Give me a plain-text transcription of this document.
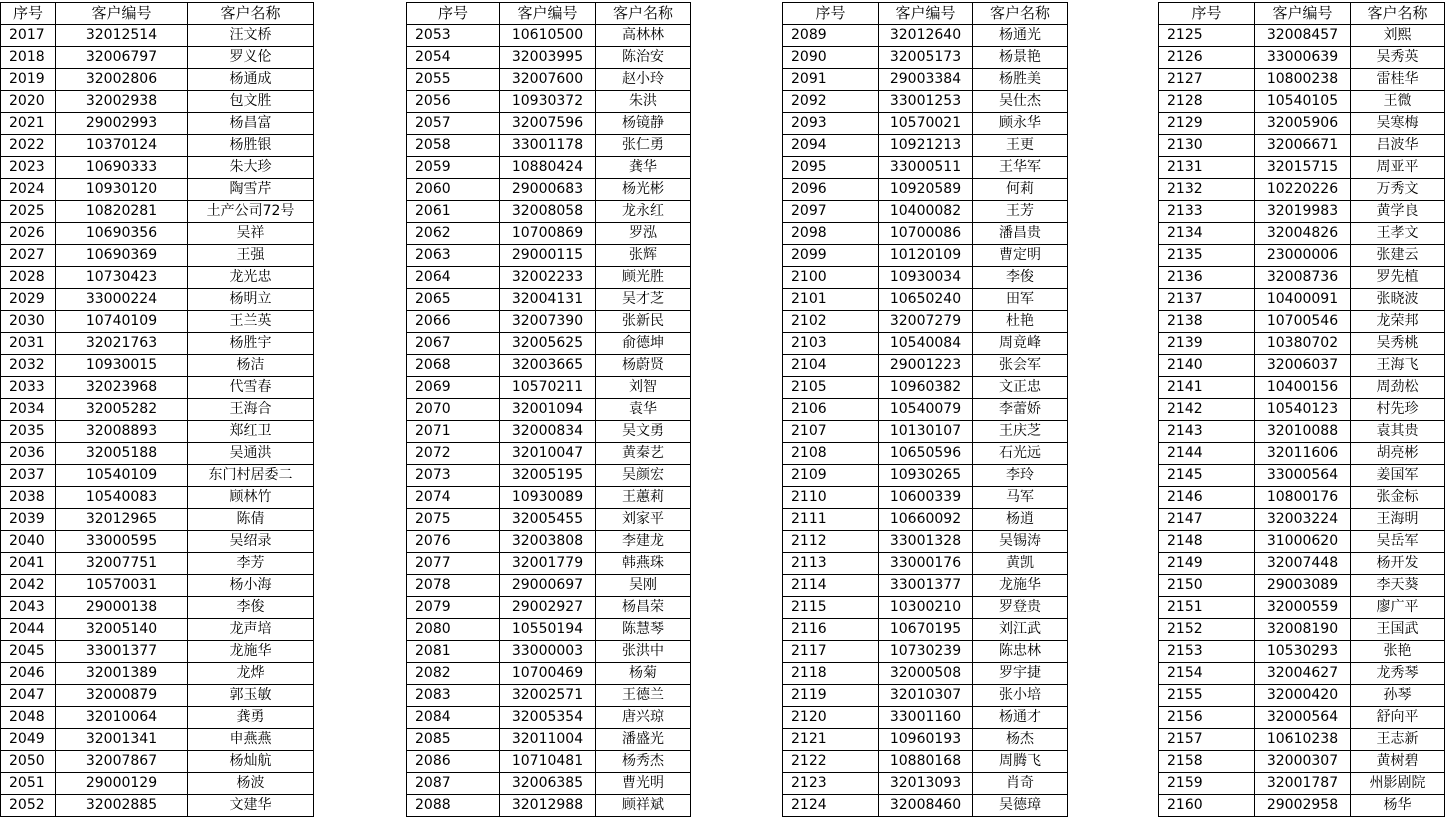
序号	客户编号	客户名称
2017	32012514	汪文桥
2018	32006797	罗义伦
2019	32002806	杨通成
2020	32002938	包文胜
2021	29002993	杨昌富
2022	10370124	杨胜银
2023	10690333	朱大珍
2024	10930120	陶雪芹
2025	10820281	土产公司72号
2026	10690356	吴祥
2027	10690369	王强
2028	10730423	龙光忠
2029	33000224	杨明立
2030	10740109	王兰英
2031	32021763	杨胜宇
2032	10930015	杨洁
2033	32023968	代雪春
2034	32005282	王海合
2035	32008893	郑红卫
2036	32005188	吴通洪
2037	10540109	东门村居委二
2038	10540083	顾林竹
2039	32012965	陈倩
2040	33000595	吴绍录
2041	32007751	李芳
2042	10570031	杨小海
2043	29000138	李俊
2044	32005140	龙声培
2045	33001377	龙施华
2046	32001389	龙烨
2047	32000879	郭玉敏
2048	32010064	龚勇
2049	32001341	申燕燕
2050	32007867	杨灿航
2051	29000129	杨波
2052	32002885	文建华
序号	客户编号	客户名称
2053	10610500	高林林
2054	32003995	陈治安
2055	32007600	赵小玲
2056	10930372	朱洪
2057	32007596	杨镜静
2058	33001178	张仁勇
2059	10880424	龚华
2060	29000683	杨光彬
2061	32008058	龙永红
2062	10700869	罗泓
2063	29000115	张辉
2064	32002233	顾光胜
2065	32004131	吴才芝
2066	32007390	张新民
2067	32005625	俞德坤
2068	32003665	杨蔚贤
2069	10570211	刘智
2070	32001094	袁华
2071	32000834	吴文勇
2072	32010047	黄秦艺
2073	32005195	吴颜宏
2074	10930089	王蕙莉
2075	32005455	刘家平
2076	32003808	李建龙
2077	32001779	韩燕珠
2078	29000697	吴刚
2079	29002927	杨昌荣
2080	10550194	陈慧琴
2081	33000003	张洪中
2082	10700469	杨菊
2083	32002571	王德兰
2084	32005354	唐兴琼
2085	32011004	潘盛光
2086	10710481	杨秀杰
2087	32006385	曹光明
2088	32012988	顾祥斌
序号	客户编号	客户名称
2089	32012640	杨通光
2090	32005173	杨景艳
2091	29003384	杨胜美
2092	33001253	吴仕杰
2093	10570021	顾永华
2094	10921213	王更
2095	33000511	王华军
2096	10920589	何莉
2097	10400082	王芳
2098	10700086	潘昌贵
2099	10120109	曹定明
2100	10930034	李俊
2101	10650240	田军
2102	32007279	杜艳
2103	10540084	周竟峰
2104	29001223	张会军
2105	10960382	文正忠
2106	10540079	李蕾娇
2107	10130107	王庆芝
2108	10650596	石光远
2109	10930265	李玲
2110	10600339	马军
2111	10660092	杨逍
2112	33001328	吴锡涛
2113	33000176	黄凯
2114	33001377	龙施华
2115	10300210	罗登贵
2116	10670195	刘江武
2117	10730239	陈忠林
2118	32000508	罗宇捷
2119	32010307	张小培
2120	33001160	杨通才
2121	10960193	杨杰
2122	10880168	周腾飞
2123	32013093	肖奇
2124	32008460	吴德璋
序号	客户编号	客户名称
2125	32008457	刘熙
2126	33000639	吴秀英
2127	10800238	雷桂华
2128	10540105	王微
2129	32005906	吴寒梅
2130	32006671	吕波华
2131	32015715	周亚平
2132	10220226	万秀文
2133	32019983	黄学良
2134	32004826	王孝文
2135	23000006	张建云
2136	32008736	罗先植
2137	10400091	张晓波
2138	10700546	龙荣邦
2139	10380702	吴秀桃
2140	32006037	王海飞
2141	10400156	周劲松
2142	10540123	村先珍
2143	32010088	袁其贵
2144	32011606	胡亮彬
2145	33000564	姜国军
2146	10800176	张金标
2147	32003224	王海明
2148	31000620	吴岳军
2149	32007448	杨开发
2150	29003089	李天葵
2151	32000559	廖广平
2152	32008190	王国武
2153	10530293	张艳
2154	32004627	龙秀琴
2155	32000420	孙琴
2156	32000564	舒向平
2157	10610238	王志新
2158	32000307	黄树碧
2159	32001787	州影剧院
2160	29002958	杨华
